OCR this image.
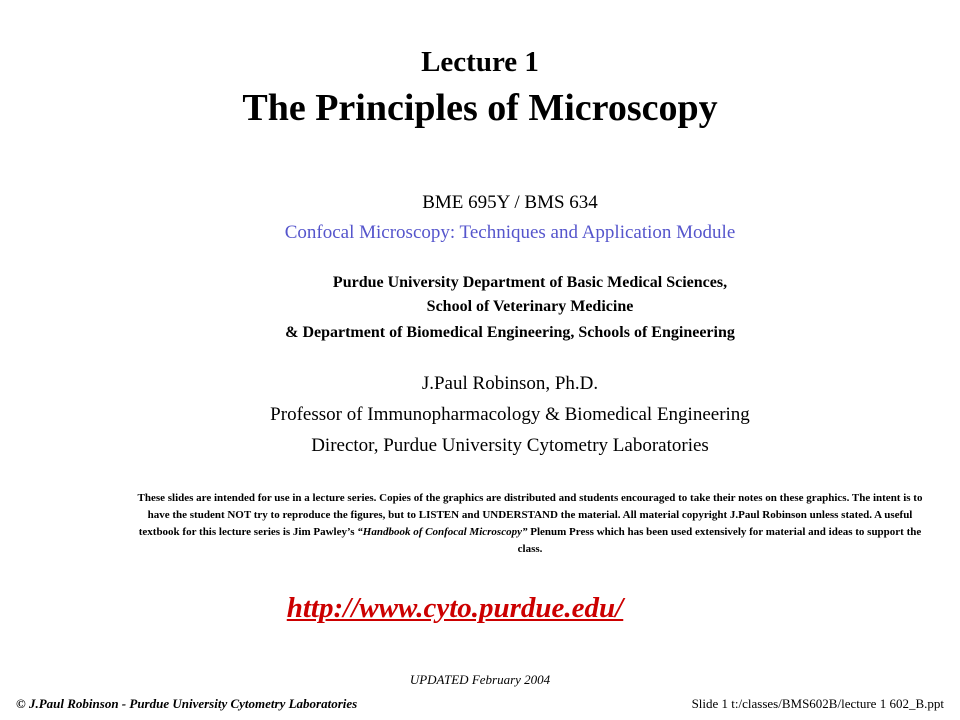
Lecture 1
The Principles of Microscopy
BME 695Y / BMS 634
Confocal Microscopy: Techniques and Application Module
Purdue University Department of Basic Medical Sciences,
School of Veterinary Medicine
& Department of Biomedical Engineering, Schools of Engineering
J.Paul Robinson, Ph.D.
Professor of Immunopharmacology & Biomedical Engineering
Director, Purdue University Cytometry Laboratories
These slides are intended for use in a lecture series. Copies of the graphics are distributed and students encouraged to take their notes on these graphics. The intent is to have the student NOT try to reproduce the figures, but to LISTEN and UNDERSTAND the material. All material copyright J.Paul Robinson unless stated. A useful textbook for this lecture series is Jim Pawley’s “Handbook of Confocal Microscopy” Plenum Press which has been used extensively for material and ideas to support the class.
http://www.cyto.purdue.edu/
UPDATED February 2004
© J.Paul Robinson - Purdue University Cytometry Laboratories	Slide 1 t:/classes/BMS602B/lecture 1 602_B.ppt
